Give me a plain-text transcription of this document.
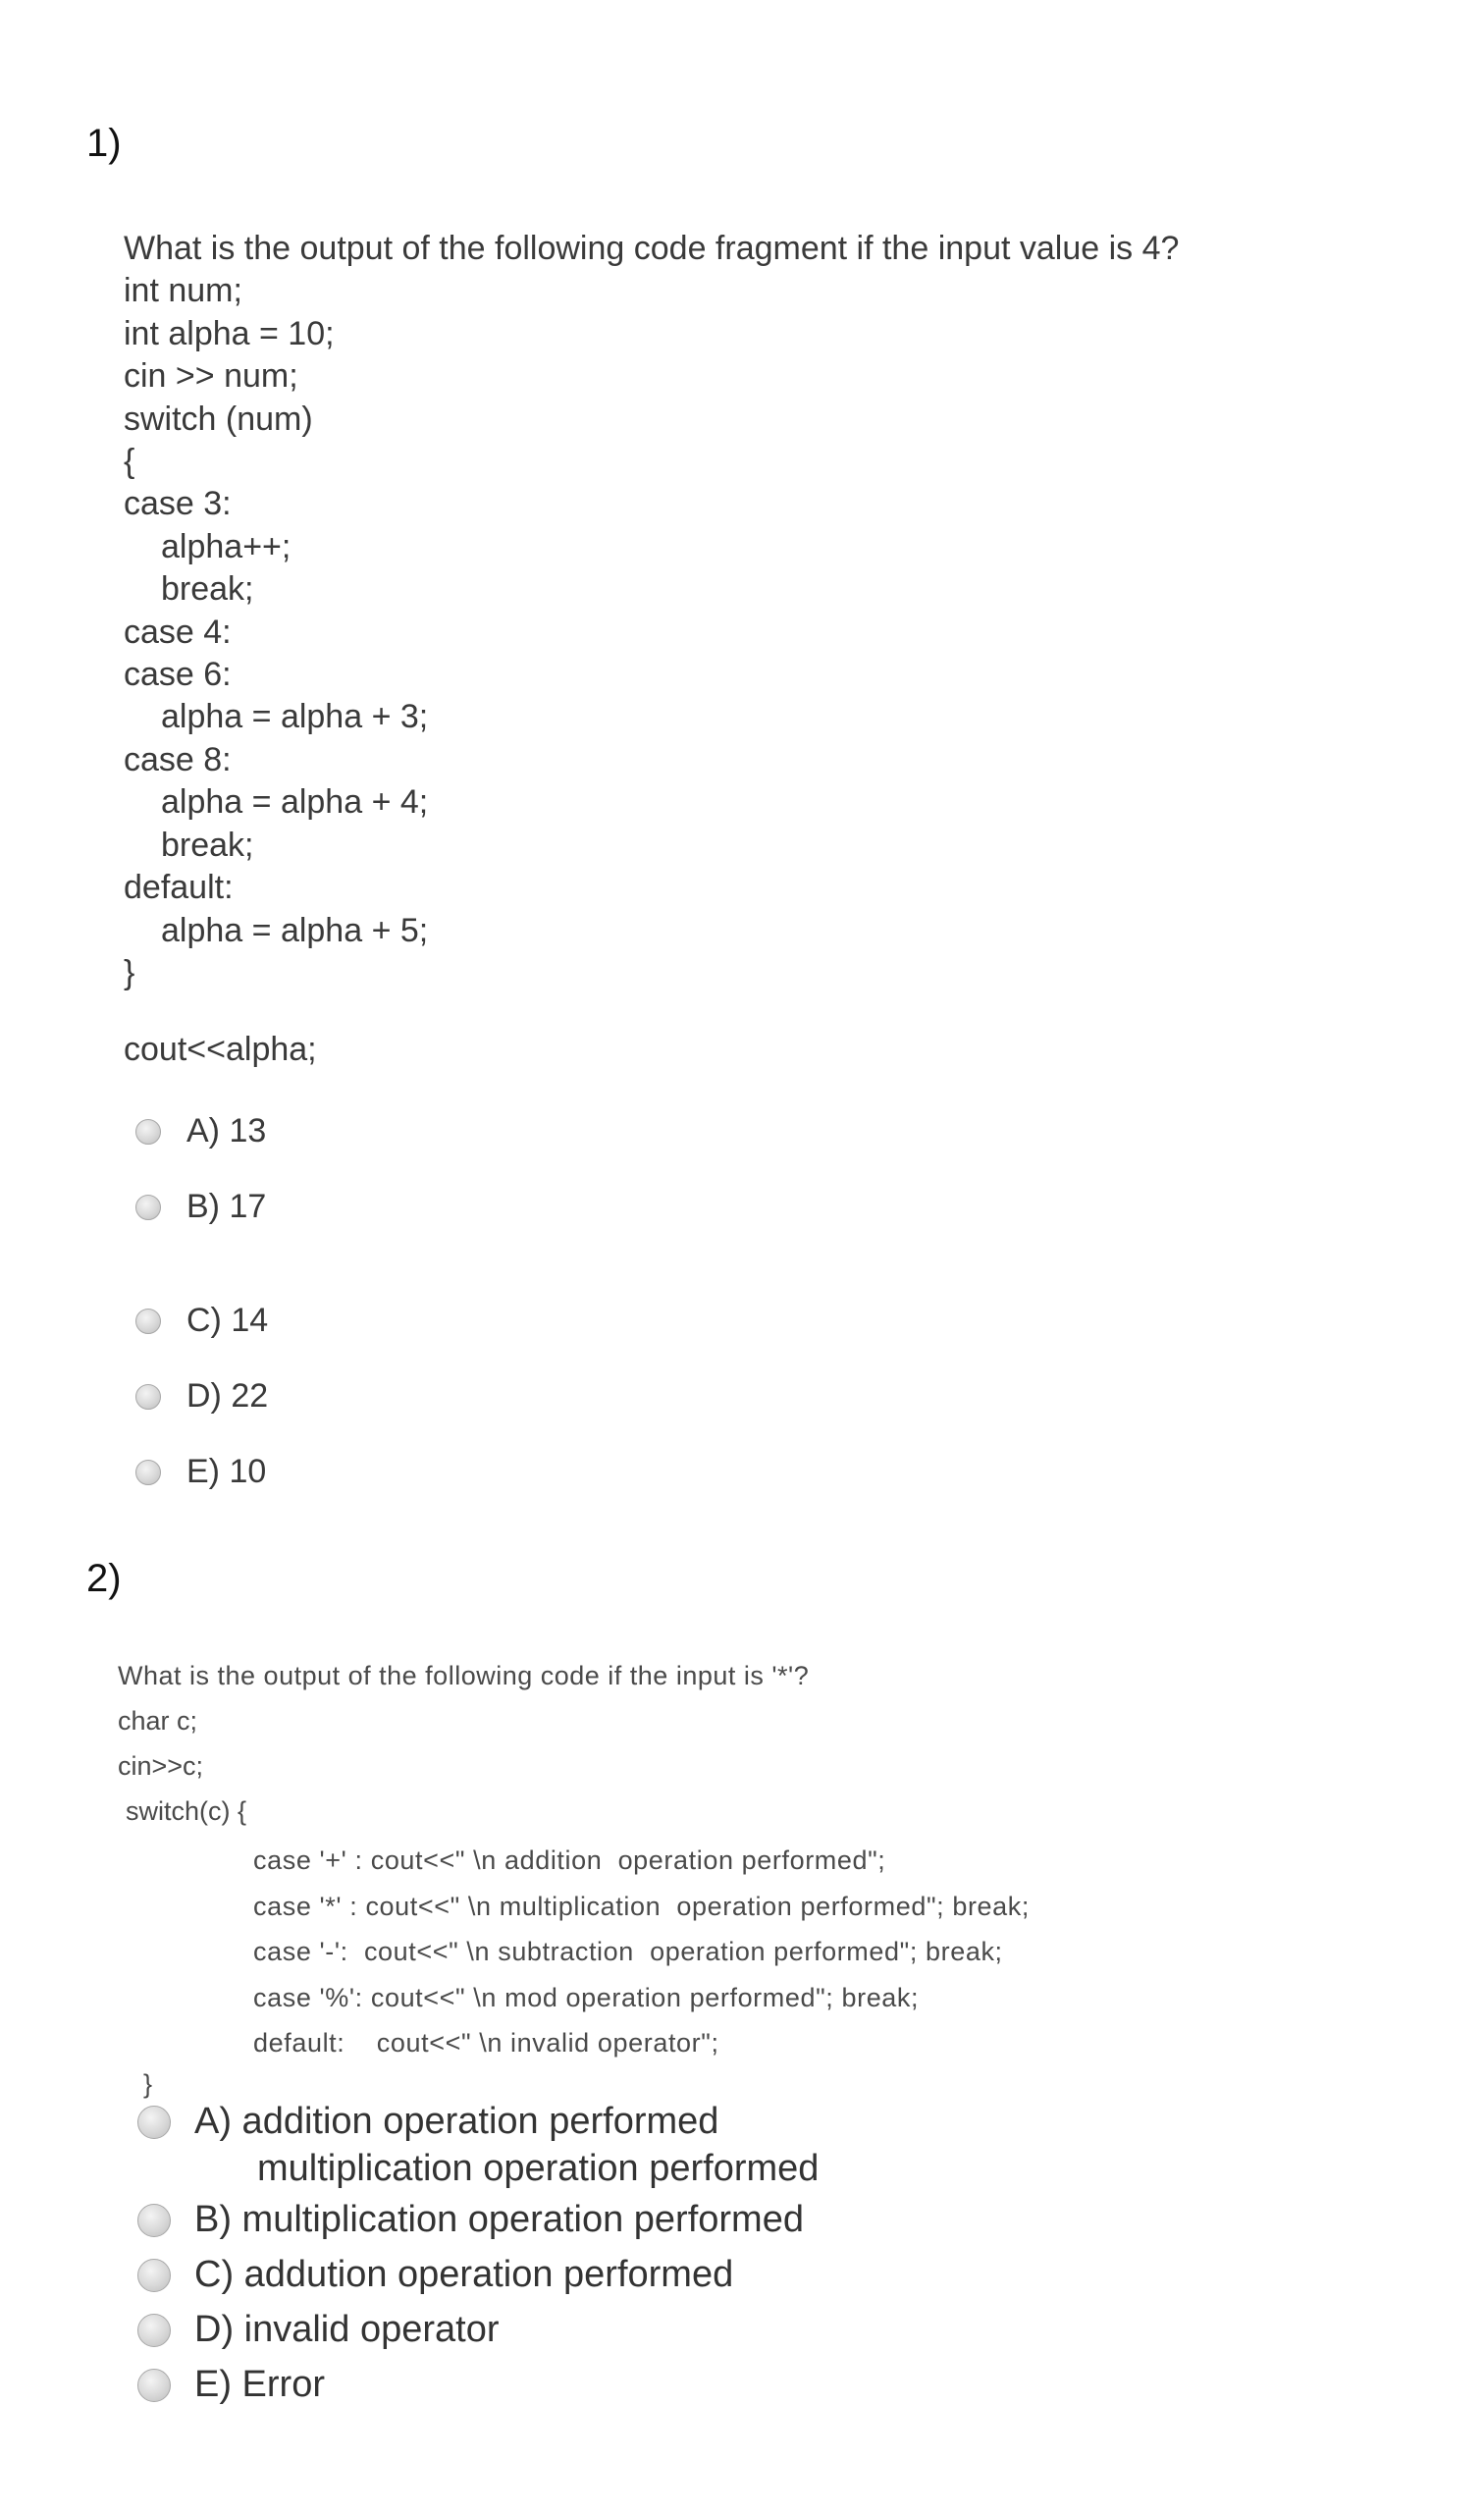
1)
What is the output of the following code fragment if the input value is 4?
int num;
int alpha = 10;
cin >> num;
switch (num)
{
case 3:
alpha++;
break;
case 4:
case 6:
alpha = alpha + 3;
case 8:
alpha = alpha + 4;
break;
default:
alpha = alpha + 5;
}
cout<<alpha;
A) 13
B) 17
C) 14
D) 22
E) 10
2)
What is the output of the following code if the input is '*'?
char c;
cin>>c;
switch(c) {
case '+' : cout<<" \n addition  operation performed";
case '*' : cout<<" \n multiplication  operation performed"; break;
case '-':  cout<<" \n subtraction  operation performed"; break;
case '%': cout<<" \n mod operation performed"; break;
default:    cout<<" \n invalid operator";
}
A) addition operation performed
multiplication operation performed
B) multiplication operation performed
C) addution operation performed
D) invalid operator
E) Error
